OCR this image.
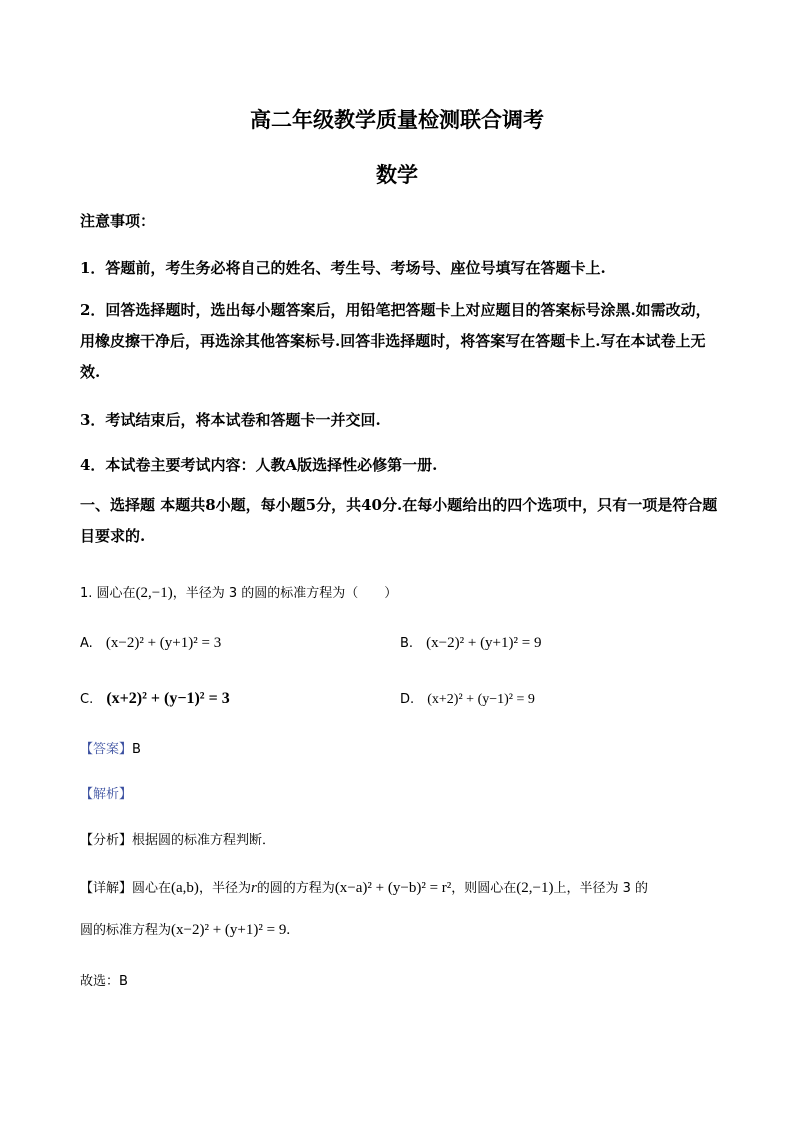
高二年级教学质量检测联合调考
数学
注意事项：
1．答题前，考生务必将自己的姓名、考生号、考场号、座位号填写在答题卡上.
2．回答选择题时，选出每小题答案后，用铅笔把答题卡上对应题目的答案标号涂黑.如需改动，用橡皮擦干净后，再选涂其他答案标号.回答非选择题时，将答案写在答题卡上.写在本试卷上无效.
3．考试结束后，将本试卷和答题卡一并交回.
4．本试卷主要考试内容：人教A版选择性必修第一册.
一、选择题 本题共8小题，每小题5分，共40分.在每小题给出的四个选项中，只有一项是符合题目要求的.
1. 圆心在(2,−1)，半径为 3 的圆的标准方程为（　　）
A. (x−2)² + (y+1)² = 3	B. (x−2)² + (y+1)² = 9
C. (x+2)² + (y−1)² = 3	D. (x+2)² + (y−1)² = 9
【答案】B
【解析】
【分析】根据圆的标准方程判断．
【详解】圆心在(a,b)，半径为r的圆的方程为(x−a)² + (y−b)² = r²，则圆心在(2,−1)上，半径为 3 的
圆的标准方程为(x−2)² + (y+1)² = 9.
故选：B
